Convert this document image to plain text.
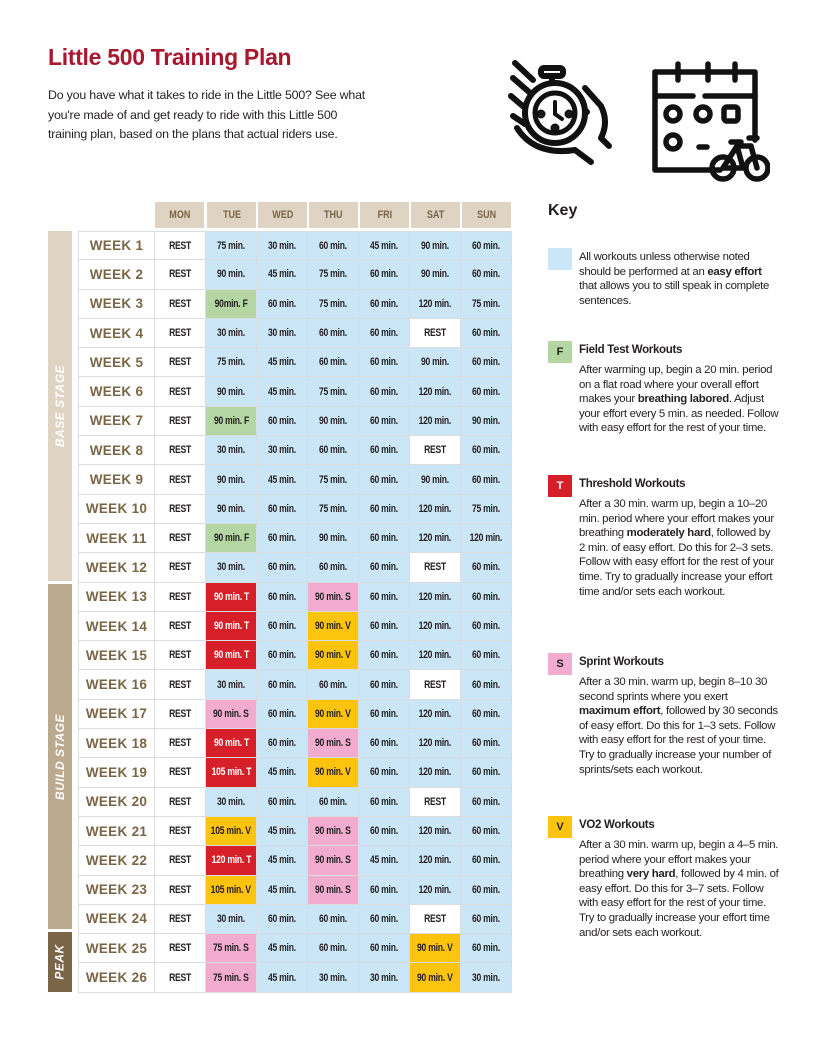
Little 500 Training Plan
Do you have what it takes to ride in the Little 500? See what you're made of and get ready to ride with this Little 500 training plan, based on the plans that actual riders use.
MON	TUE	WED	THU	FRI	SAT	SUN
BASE STAGE
BUILD STAGE
PEAK
WEEK 1 REST 75 min. 30 min. 60 min. 45 min. 90 min. 60 min.
WEEK 2 REST 90 min. 45 min. 75 min. 60 min. 90 min. 60 min.
WEEK 3 REST 90min. F 60 min. 75 min. 60 min. 120 min. 75 min.
WEEK 4 REST 30 min. 30 min. 60 min. 60 min. REST 60 min.
WEEK 5 REST 75 min. 45 min. 60 min. 60 min. 90 min. 60 min.
WEEK 6 REST 90 min. 45 min. 75 min. 60 min. 120 min. 60 min.
WEEK 7 REST 90 min. F 60 min. 90 min. 60 min. 120 min. 90 min.
WEEK 8 REST 30 min. 30 min. 60 min. 60 min. REST 60 min.
WEEK 9 REST 90 min. 45 min. 75 min. 60 min. 90 min. 60 min.
WEEK 10 REST 90 min. 60 min. 75 min. 60 min. 120 min. 75 min.
WEEK 11 REST 90 min. F 60 min. 90 min. 60 min. 120 min. 120 min.
WEEK 12 REST 30 min. 60 min. 60 min. 60 min. REST 60 min.
WEEK 13 REST 90 min. T 60 min. 90 min. S 60 min. 120 min. 60 min.
WEEK 14 REST 90 min. T 60 min. 90 min. V 60 min. 120 min. 60 min.
WEEK 15 REST 90 min. T 60 min. 90 min. V 60 min. 120 min. 60 min.
WEEK 16 REST 30 min. 60 min. 60 min. 60 min. REST 60 min.
WEEK 17 REST 90 min. S 60 min. 90 min. V 60 min. 120 min. 60 min.
WEEK 18 REST 90 min. T 60 min. 90 min. S 60 min. 120 min. 60 min.
WEEK 19 REST 105 min. T 45 min. 90 min. V 60 min. 120 min. 60 min.
WEEK 20 REST 30 min. 60 min. 60 min. 60 min. REST 60 min.
WEEK 21 REST 105 min. V 45 min. 90 min. S 60 min. 120 min. 60 min.
WEEK 22 REST 120 min. T 45 min. 90 min. S 45 min. 120 min. 60 min.
WEEK 23 REST 105 min. V 45 min. 90 min. S 60 min. 120 min. 60 min.
WEEK 24 REST 30 min. 60 min. 60 min. 60 min. REST 60 min.
WEEK 25 REST 75 min. S 45 min. 60 min. 60 min. 90 min. V 60 min.
WEEK 26 REST 75 min. S 45 min. 30 min. 30 min. 90 min. V 30 min.
Key
All workouts unless otherwise noted should be performed at an easy effort that allows you to still speak in complete sentences.
F	Field Test Workouts
After warming up, begin a 20 min. period on a flat road where your overall effort makes your breathing labored. Adjust your effort every 5 min. as needed. Follow with easy effort for the rest of your time.
T	Threshold Workouts
After a 30 min. warm up, begin a 10–20 min. period where your effort makes your breathing moderately hard, followed by 2 min. of easy effort. Do this for 2–3 sets. Follow with easy effort for the rest of your time. Try to gradually increase your effort time and/or sets each workout.
S	Sprint Workouts
After a 30 min. warm up, begin 8–10 30 second sprints where you exert maximum effort, followed by 30 seconds of easy effort. Do this for 1–3 sets. Follow with easy effort for the rest of your time. Try to gradually increase your number of sprints/sets each workout.
V	VO2 Workouts
After a 30 min. warm up, begin a 4–5 min. period where your effort makes your breathing very hard, followed by 4 min. of easy effort. Do this for 3–7 sets. Follow with easy effort for the rest of your time. Try to gradually increase your effort time and/or sets each workout.
